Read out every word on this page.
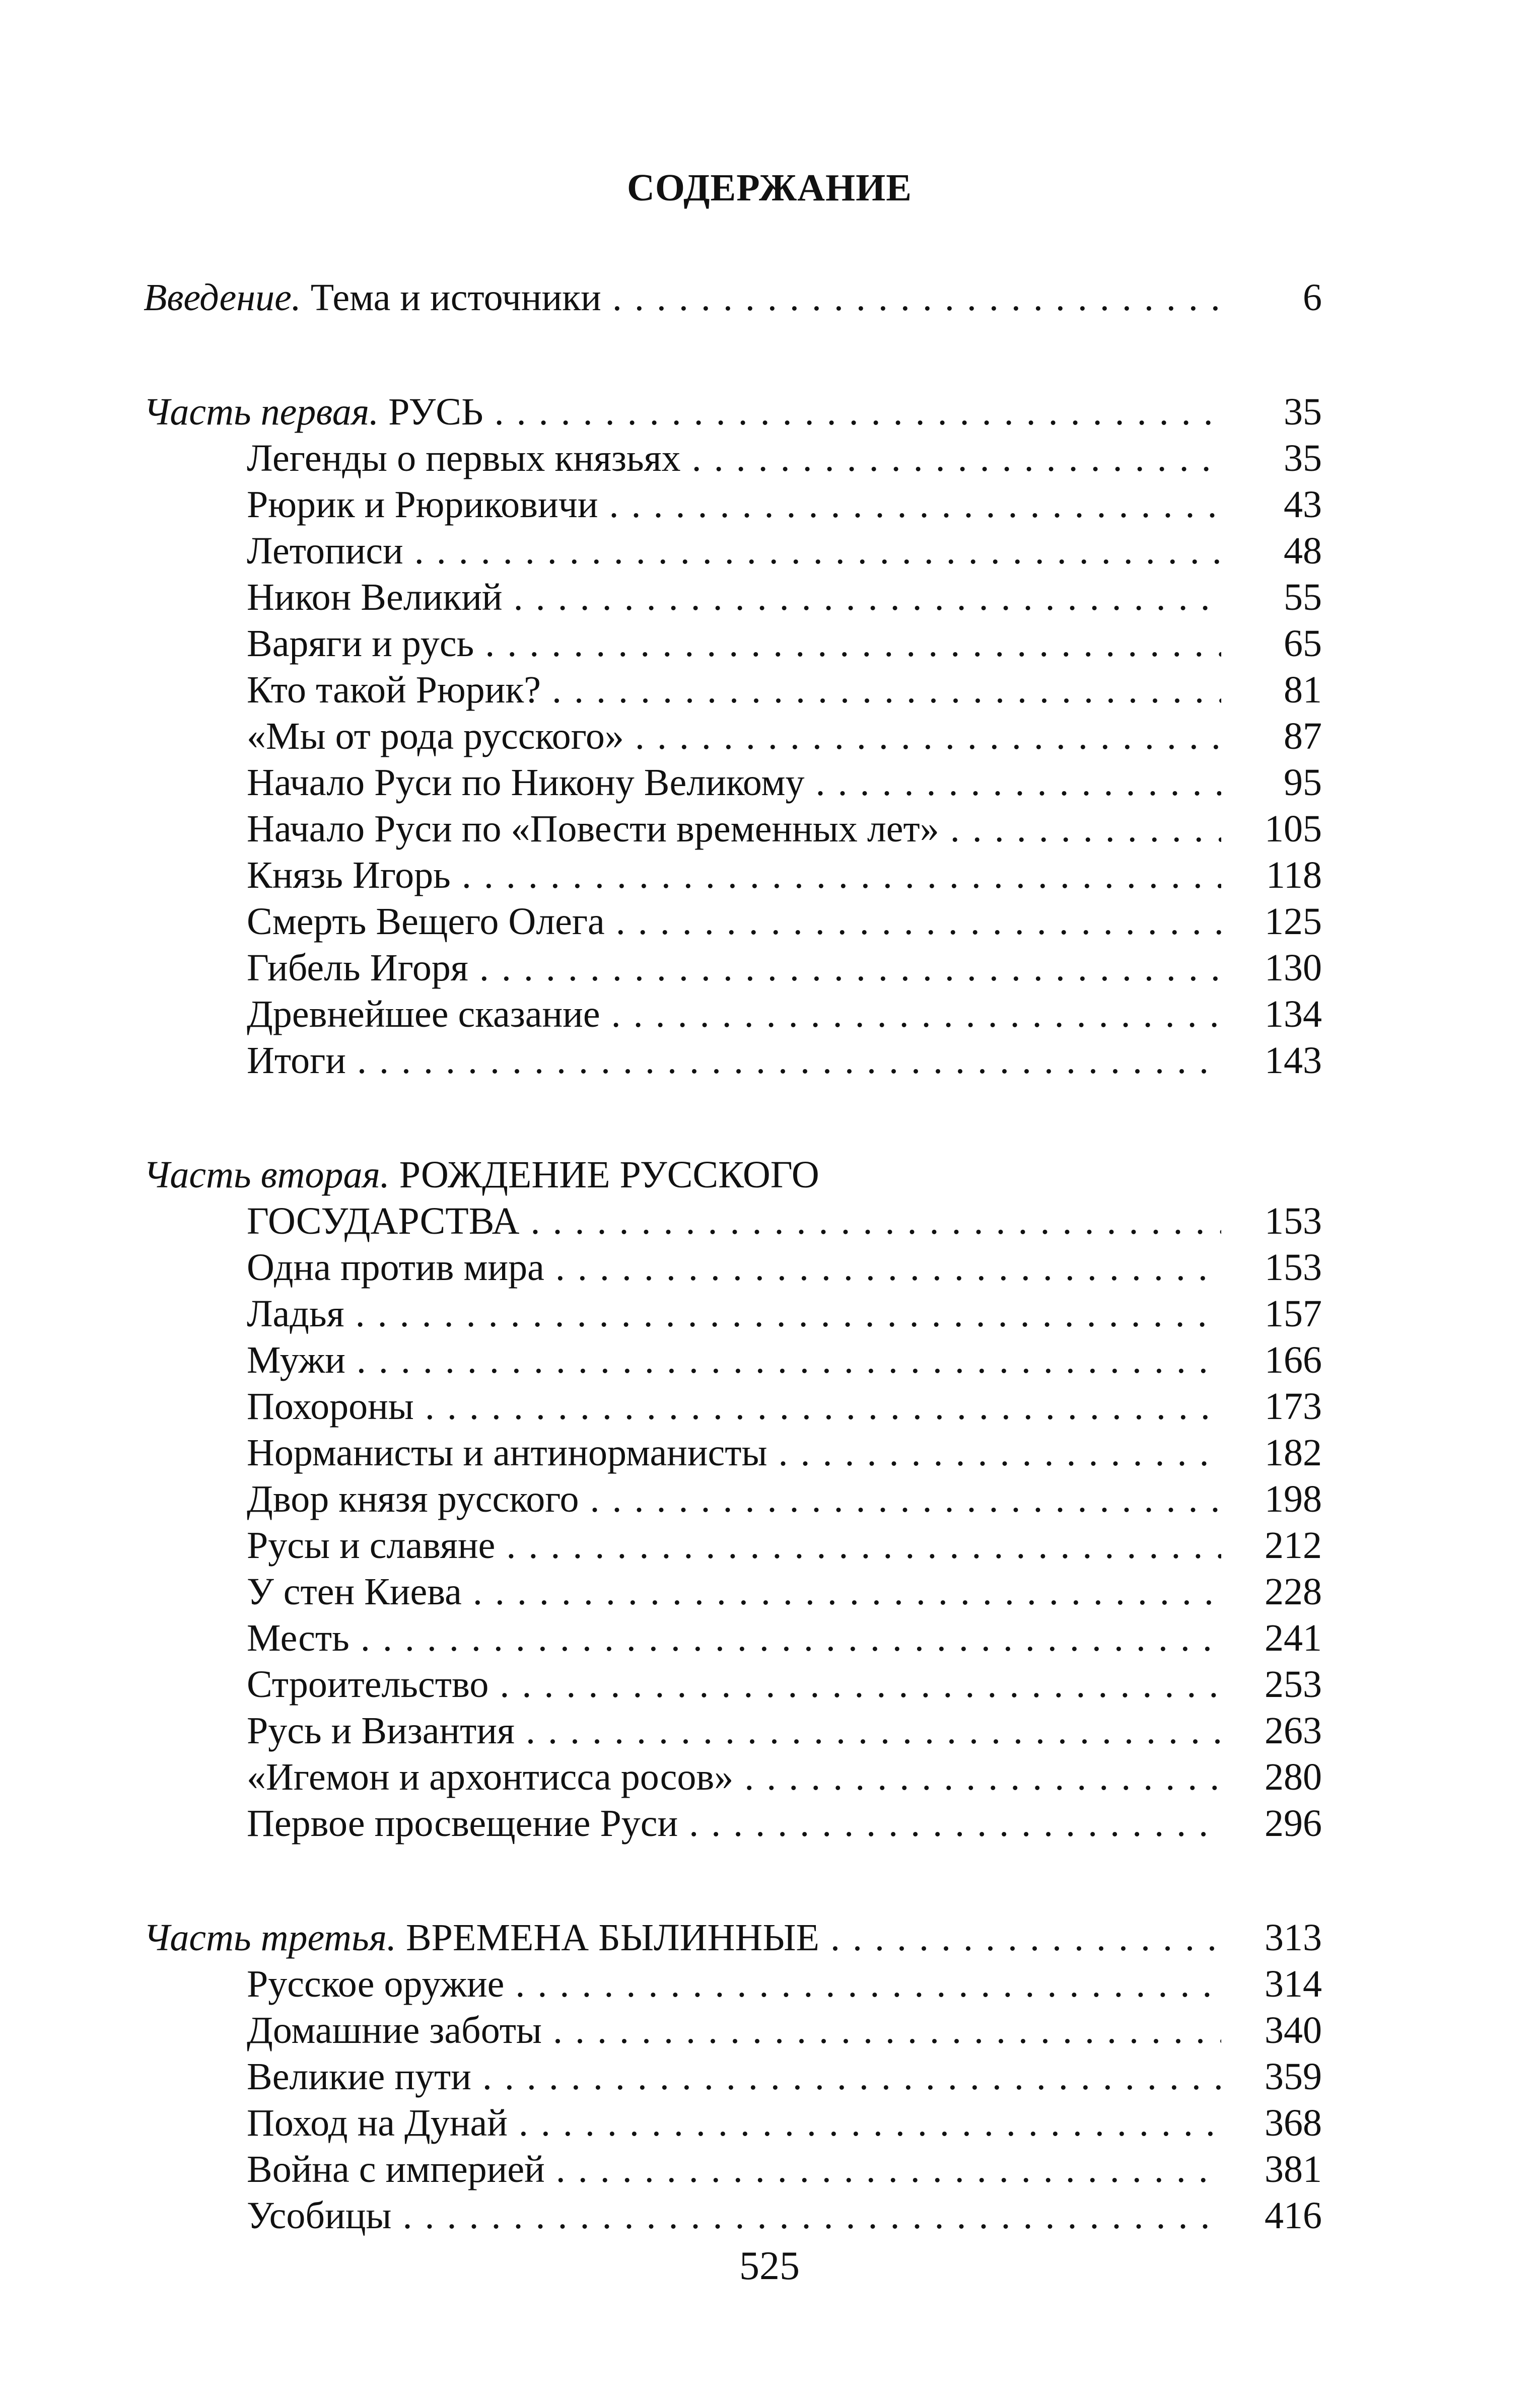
СОДЕРЖАНИЕ
Введение. Тема и источники . . .	6
Часть первая. РУСЬ . . .	35
Легенды о первых князьях . . .	35
Рюрик и Рюриковичи . . .	43
Летописи . . .	48
Никон Великий . . .	55
Варяги и русь . . .	65
Кто такой Рюрик? . . .	81
«Мы от рода русского» . . .	87
Начало Руси по Никону Великому . . .	95
Начало Руси по «Повести временных лет» . . .	105
Князь Игорь . . .	118
Смерть Вещего Олега . . .	125
Гибель Игоря . . .	130
Древнейшее сказание . . .	134
Итоги . . .	143
Часть вторая. РОЖДЕНИЕ РУССКОГО
ГОСУДАРСТВА . . .	153
Одна против мира . . .	153
Ладья . . .	157
Мужи . . .	166
Похороны . . .	173
Норманисты и антинорманисты . . .	182
Двор князя русского . . .	198
Русы и славяне . . .	212
У стен Киева . . .	228
Месть . . .	241
Строительство . . .	253
Русь и Византия . . .	263
«Игемон и архонтисса росов» . . .	280
Первое просвещение Руси . . .	296
Часть третья. ВРЕМЕНА БЫЛИННЫЕ . . .	313
Русское оружие . . .	314
Домашние заботы . . .	340
Великие пути . . .	359
Поход на Дунай . . .	368
Война с империей . . .	381
Усобицы . . .	416
525
